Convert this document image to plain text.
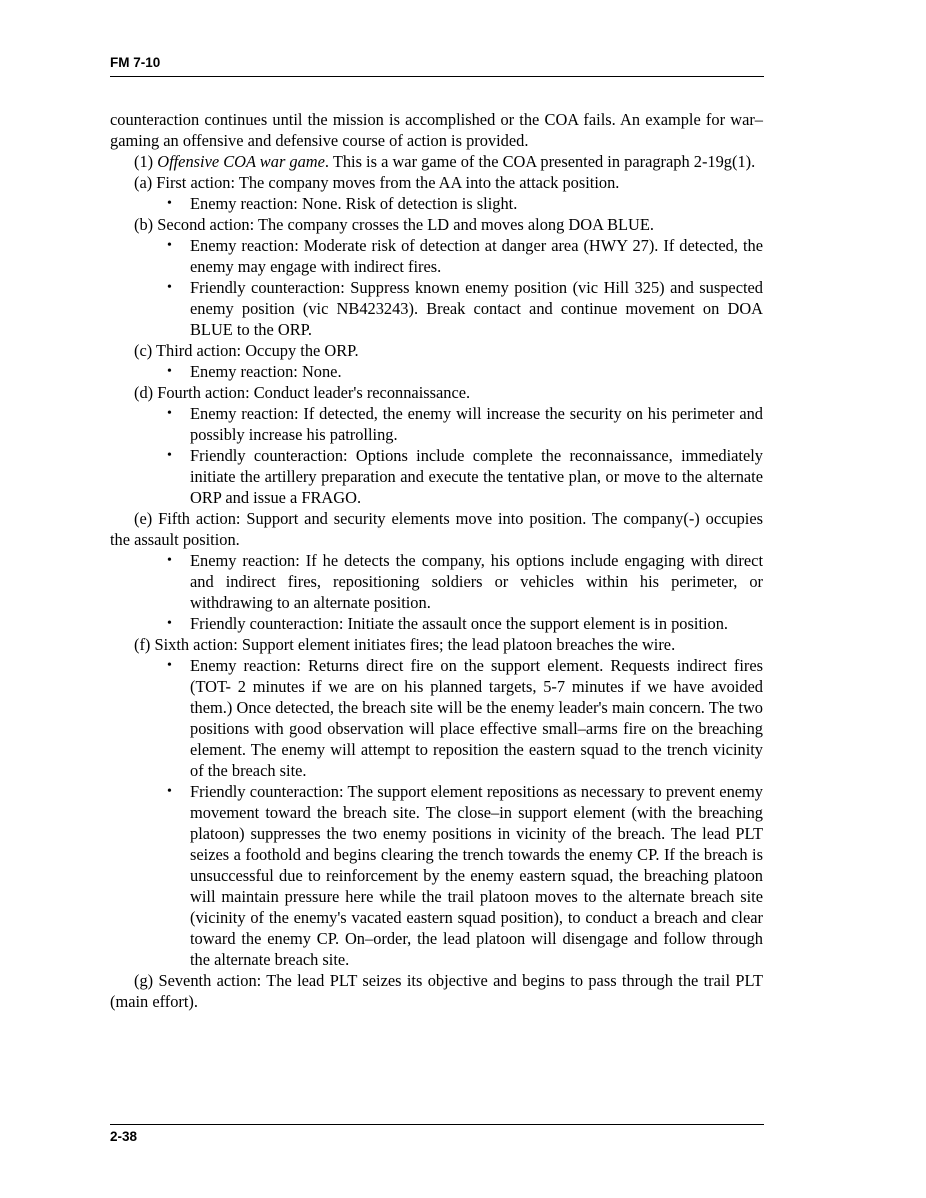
FM 7-10

counteraction continues until the mission is accomplished or the COA fails. An example for war–gaming an offensive and defensive course of action is provided.

(1) Offensive COA war game. This is a war game of the COA presented in paragraph 2-19g(1).

(a) First action: The company moves from the AA into the attack position.

• Enemy reaction: None. Risk of detection is slight.

(b) Second action: The company crosses the LD and moves along DOA BLUE.

• Enemy reaction: Moderate risk of detection at danger area (HWY 27). If detected, the enemy may engage with indirect fires.
• Friendly counteraction: Suppress known enemy position (vic Hill 325) and suspected enemy position (vic NB423243). Break contact and continue movement on DOA BLUE to the ORP.

(c) Third action: Occupy the ORP.

• Enemy reaction: None.

(d) Fourth action: Conduct leader's reconnaissance.

• Enemy reaction: If detected, the enemy will increase the security on his perimeter and possibly increase his patrolling.
• Friendly counteraction: Options include complete the reconnaissance, immediately initiate the artillery preparation and execute the tentative plan, or move to the alternate ORP and issue a FRAGO.

(e) Fifth action: Support and security elements move into position. The company(-) occupies the assault position.

• Enemy reaction: If he detects the company, his options include engaging with direct and indirect fires, repositioning soldiers or vehicles within his perimeter, or withdrawing to an alternate position.
• Friendly counteraction: Initiate the assault once the support element is in position.

(f) Sixth action: Support element initiates fires; the lead platoon breaches the wire.

• Enemy reaction: Returns direct fire on the support element. Requests indirect fires (TOT- 2 minutes if we are on his planned targets, 5-7 minutes if we have avoided them.) Once detected, the breach site will be the enemy leader's main concern. The two positions with good observation will place effective small–arms fire on the breaching element. The enemy will attempt to reposition the eastern squad to the trench vicinity of the breach site.
• Friendly counteraction: The support element repositions as necessary to prevent enemy movement toward the breach site. The close–in support element (with the breaching platoon) suppresses the two enemy positions in vicinity of the breach. The lead PLT seizes a foothold and begins clearing the trench towards the enemy CP. If the breach is unsuccessful due to reinforcement by the enemy eastern squad, the breaching platoon will maintain pressure here while the trail platoon moves to the alternate breach site (vicinity of the enemy's vacated eastern squad position), to conduct a breach and clear toward the enemy CP. On–order, the lead platoon will disengage and follow through the alternate breach site.

(g) Seventh action: The lead PLT seizes its objective and begins to pass through the trail PLT (main effort).

2-38
